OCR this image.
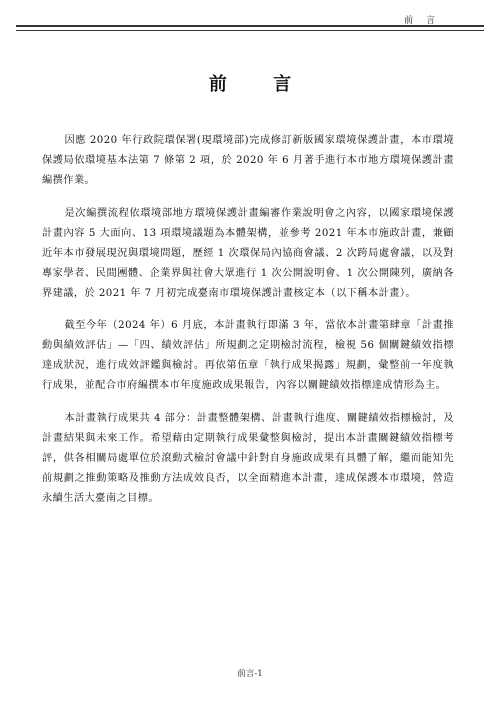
前 言
前 言

因應 2020 年行政院環保署(現環境部)完成修訂新版國家環境保護計畫，本市環境保護局依環境基本法第 7 條第 2 項，於 2020 年 6 月著手進行本市地方環境保護計畫編撰作業。

是次編撰流程依環境部地方環境保護計畫編審作業說明會之內容，以國家環境保護計畫內容 5 大面向、13 項環境議題為本體架構，並參考 2021 年本市施政計畫，兼顧近年本市發展現況與環境問題，歷經 1 次環保局內協商會議、2 次跨局處會議，以及對專家學者、民間團體、企業界與社會大眾進行 1 次公開說明會、1 次公開陳列，廣納各界建議，於 2021 年 7 月初完成臺南市環境保護計畫核定本（以下稱本計畫）。

截至今年（2024 年）6 月底，本計畫執行即滿 3 年，當依本計畫第肆章「計畫推動與績效評估」—「四、績效評估」所規劃之定期檢討流程，檢視 56 個關鍵績效指標達成狀況，進行成效評鑑與檢討。再依第伍章「執行成果揭露」規劃，彙整前一年度執行成果，並配合市府編撰本市年度施政成果報告，內容以關鍵績效指標達成情形為主。

本計畫執行成果共 4 部分：計畫整體架構、計畫執行進度、關鍵績效指標檢討，及計畫結果與未來工作。希望藉由定期執行成果彙整與檢討，提出本計畫關鍵績效指標考評，供各相關局處單位於滾動式檢討會議中針對自身施政成果有具體了解，繼而能知先前規劃之推動策略及推動方法成效良否，以全面精進本計畫，達成保護本市環境，營造永續生活大臺南之目標。

前言-1
